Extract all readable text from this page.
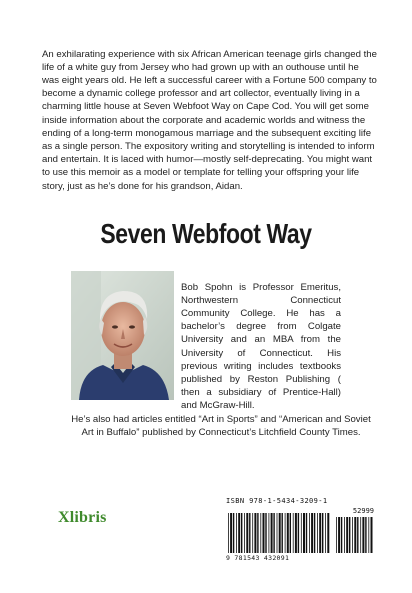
An exhilarating experience with six African American teenage girls changed the life of a white guy from Jersey who had grown up with an outhouse until he was eight years old. He left a successful career with a Fortune 500 company to become a dynamic college professor and art collector, eventually living in a charming little house at Seven Webfoot Way on Cape Cod. You will get some inside information about the corporate and academic worlds and witness the ending of a long-term monogamous marriage and the subsequent exciting life as a single person. The expository writing and storytelling is intended to inform and entertain. It is laced with humor—mostly self-deprecating. You might want to use this memoir as a model or template for telling your offspring your life story, just as he’s done for his grandson, Aidan.

Seven Webfoot Way

Bob Spohn is Professor Emeritus, Northwestern Connecticut Community College. He has a bachelor’s degree from Colgate University and an MBA from the University of Connecticut. His previous writing includes textbooks published by Reston Publishing ( then a subsidiary of Prentice-Hall) and McGraw-Hill.

He’s also had articles entitled “Art in Sports” and “American and Soviet Art in Buffalo” published by Connecticut’s Litchfield County Times.

Xlibris
ISBN 978-1-5434-3209-1
52999
9 781543 432091
